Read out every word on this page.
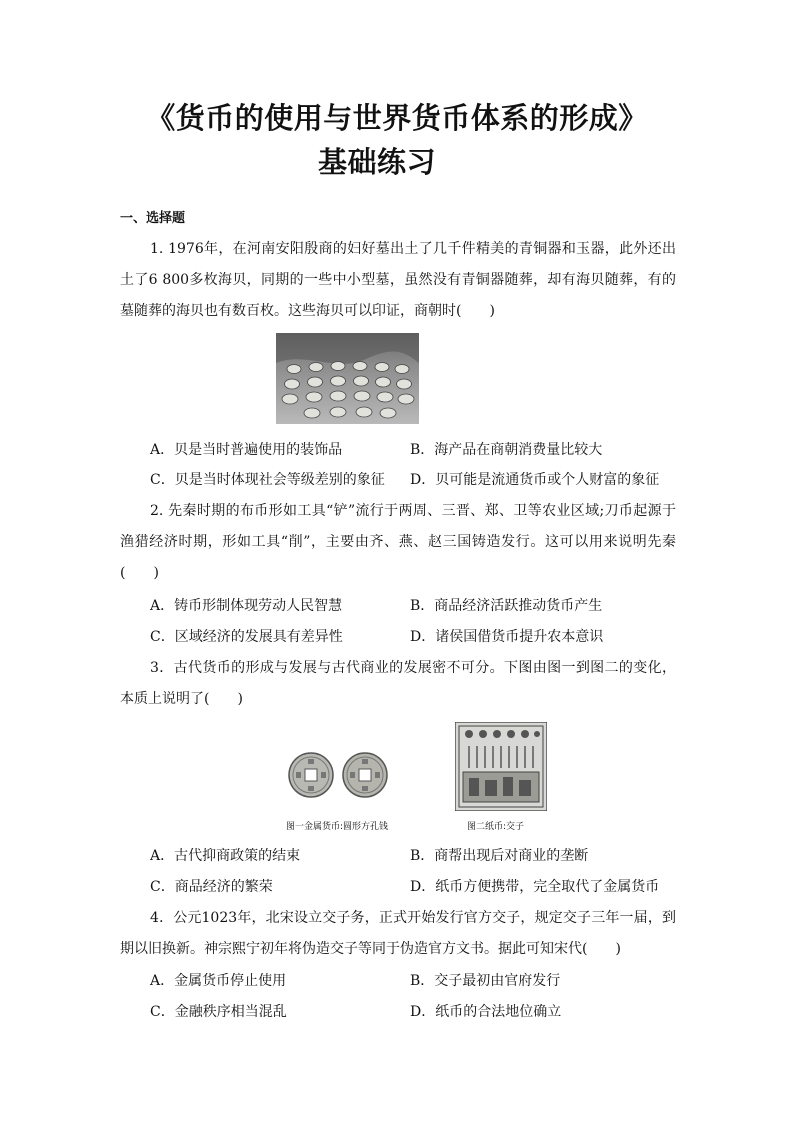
《货币的使用与世界货币体系的形成》
基础练习
一、选择题
1. 1976年，在河南安阳殷商的妇好墓出土了几千件精美的青铜器和玉器，此外还出土了6 800多枚海贝，同期的一些中小型墓，虽然没有青铜器随葬，却有海贝随葬，有的墓随葬的海贝也有数百枚。这些海贝可以印证，商朝时(　　)
A．贝是当时普遍使用的装饰品	B．海产品在商朝消费量比较大
C．贝是当时体现社会等级差别的象征 D．贝可能是流通货币或个人财富的象征
2. 先秦时期的布币形如工具“铲”流行于两周、三晋、郑、卫等农业区域;刀币起源于渔猎经济时期，形如工具“削”，主要由齐、燕、赵三国铸造发行。这可以用来说明先秦(　　)
A．铸币形制体现劳动人民智慧	B．商品经济活跃推动货币产生
C．区域经济的发展具有差异性	D．诸侯国借货币提升农本意识
3．古代货币的形成与发展与古代商业的发展密不可分。下图由图一到图二的变化，本质上说明了(　　)
图一金属货币:圆形方孔钱	图二纸币:交子
A．古代抑商政策的结束	B．商帮出现后对商业的垄断
C．商品经济的繁荣	D．纸币方便携带，完全取代了金属货币
4．公元1023年，北宋设立交子务，正式开始发行官方交子，规定交子三年一届，到期以旧换新。神宗熙宁初年将伪造交子等同于伪造官方文书。据此可知宋代(　　)
A．金属货币停止使用	B．交子最初由官府发行
C．金融秩序相当混乱	D．纸币的合法地位确立
